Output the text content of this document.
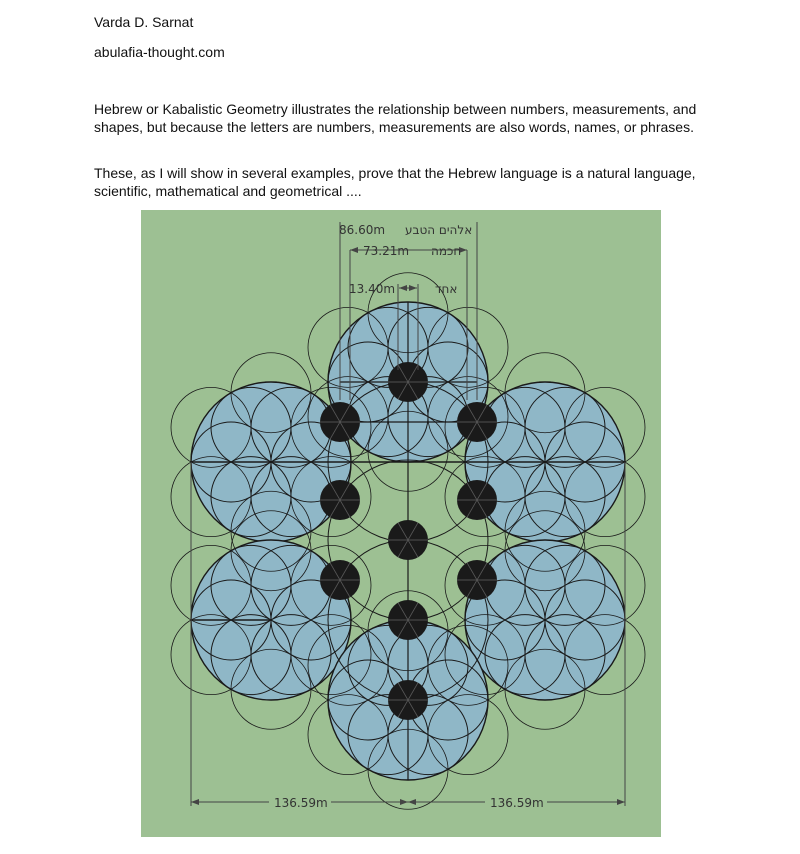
Varda D. Sarnat
abulafia-thought.com
Hebrew or Kabalistic Geometry illustrates the relationship between numbers, measurements, and shapes, but because the letters are numbers, measurements are also words, names, or phrases.
These, as I will show in several examples, prove that the Hebrew language is a natural language, scientific, mathematical and geometrical ....
86.60m אלהים הטבע
73.21m חכמה
13.40m	אחד
136.59m	136.59m
